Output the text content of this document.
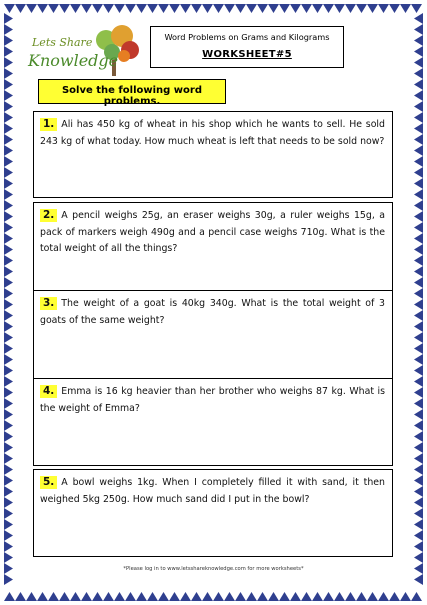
Lets Share
Knowledge
Word Problems on Grams and Kilograms
WORKSHEET#5
Solve the following word problems.

1. Ali has 450 kg of wheat in his shop which he wants to sell. He sold 243 kg of what today. How much wheat is left that needs to be sold now?

2. A pencil weighs 25g, an eraser weighs 30g, a ruler weighs 15g, a pack of markers weigh 490g and a pencil case weighs 710g. What is the total weight of all the things?

3. The weight of a goat is 40kg 340g. What is the total weight of 3 goats of the same weight?

4. Emma is 16 kg heavier than her brother who weighs 87 kg. What is the weight of Emma?

5. A bowl weighs 1kg. When I completely filled it with sand, it then weighed 5kg 250g. How much sand did I put in the bowl?

*Please log in to www.letsshareknowledge.com for more worksheets*
